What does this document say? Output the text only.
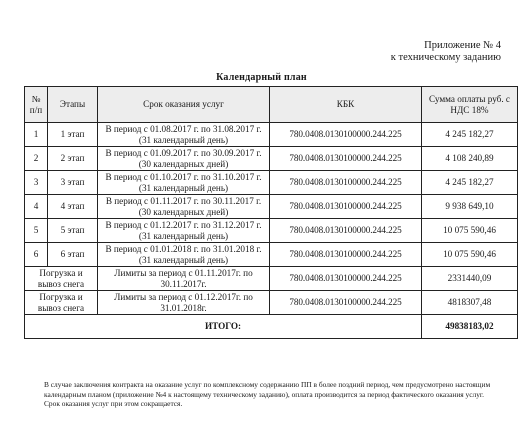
Приложение № 4
к техническому заданию
Календарный план
№ п/п	Этапы	Срок оказания услуг	КБК	Сумма оплаты руб. с НДС 18%
1	1 этап	В период с 01.08.2017 г. по 31.08.2017 г. (31 календарный день)	780.0408.0130100000.244.225	4 245 182,27
2	2 этап	В период с 01.09.2017 г. по 30.09.2017 г. (30 календарных дней)	780.0408.0130100000.244.225	4 108 240,89
3	3 этап	В период с 01.10.2017 г. по 31.10.2017 г. (31 календарный день)	780.0408.0130100000.244.225	4 245 182,27
4	4 этап	В период с 01.11.2017 г. по 30.11.2017 г. (30 календарных дней)	780.0408.0130100000.244.225	9 938 649,10
5	5 этап	В период с 01.12.2017 г. по 31.12.2017 г. (31 календарный день)	780.0408.0130100000.244.225	10 075 590,46
6	6 этап	В период с 01.01.2018 г. по 31.01.2018 г. (31 календарный день)	780.0408.0130100000.244.225	10 075 590,46
Погрузка и вывоз снега		Лимиты за период с 01.11.2017г. по 30.11.2017г.	780.0408.0130100000.244.225	2331440,09
Погрузка и вывоз снега		Лимиты за период с 01.12.2017г. по 31.01.2018г.	780.0408.0130100000.244.225	4818307,48
ИТОГО:				49838183,02
В случае заключения контракта на оказание услуг по комплексному содержанию ПП в более поздний период, чем предусмотрено настоящим календарным планом (приложение №4 к настоящему техническому заданию), оплата производится за период фактического оказания услуг. Срок оказания услуг при этом сокращается.
